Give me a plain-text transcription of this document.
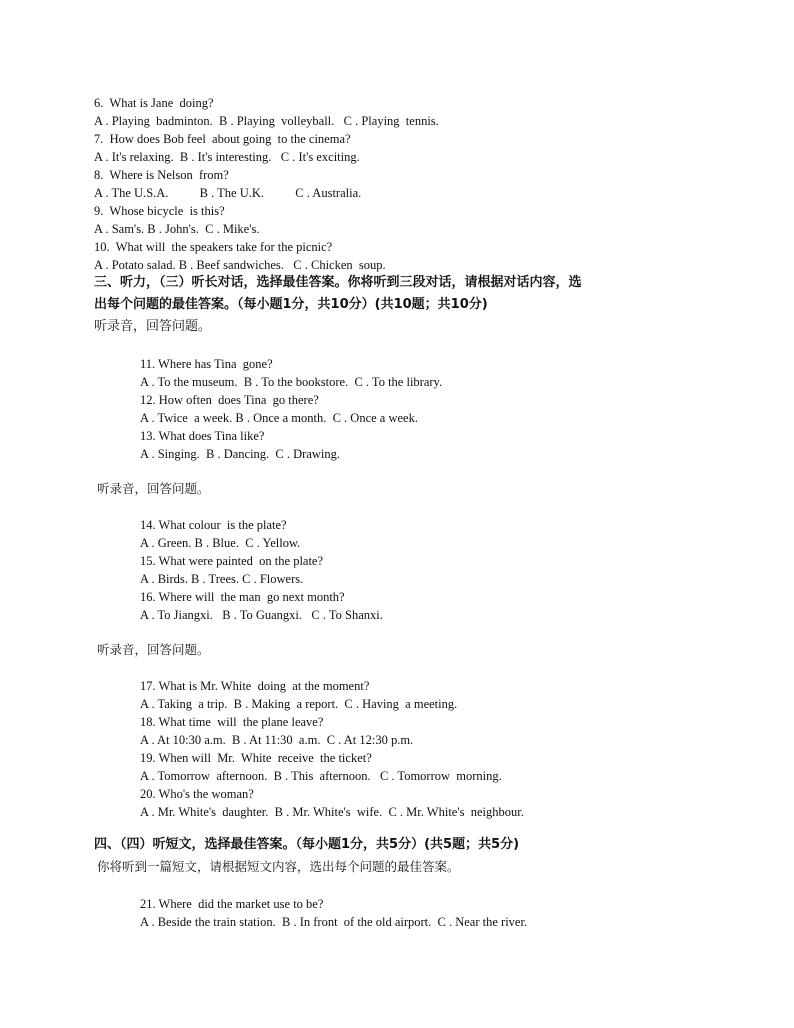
6.  What is Jane  doing?
A . Playing  badminton.  B . Playing  volleyball.   C . Playing  tennis.
7.  How does Bob feel  about going  to the cinema?
A . It's relaxing.  B . It's interesting.   C . It's exciting.
8.  Where is Nelson  from?
A . The U.S.A.          B . The U.K.          C . Australia.
9.  Whose bicycle  is this?
A . Sam's. B . John's.  C . Mike's.
10.  What will  the speakers take for the picnic?
A . Potato salad. B . Beef sandwiches.   C . Chicken  soup.
三、听力，（三）听长对话，选择最佳答案。你将听到三段对话，请根据对话内容，选
出每个问题的最佳答案。（每小题1分，共10分）(共10题；共10分)
听录音，回答问题。
11. Where has Tina  gone?
A . To the museum.  B . To the bookstore.  C . To the library.
12. How often  does Tina  go there?
A . Twice  a week. B . Once a month.  C . Once a week.
13. What does Tina like?
A . Singing.  B . Dancing.  C . Drawing.
听录音，回答问题。
14. What colour  is the plate?
A . Green. B . Blue.  C . Yellow.
15. What were painted  on the plate?
A . Birds. B . Trees. C . Flowers.
16. Where will  the man  go next month?
A . To Jiangxi.   B . To Guangxi.   C . To Shanxi.
听录音，回答问题。
17. What is Mr. White  doing  at the moment?
A . Taking  a trip.  B . Making  a report.  C . Having  a meeting.
18. What time  will  the plane leave?
A . At 10:30 a.m.  B . At 11:30  a.m.  C . At 12:30 p.m.
19. When will  Mr.  White  receive  the ticket?
A . Tomorrow  afternoon.  B . This  afternoon.   C . Tomorrow  morning.
20. Who's the woman?
A . Mr. White's  daughter.  B . Mr. White's  wife.  C . Mr. White's  neighbour.
四、（四）听短文，选择最佳答案。（每小题1分，共5分）(共5题；共5分)
你将听到一篇短文，请根据短文内容，选出每个问题的最佳答案。
21. Where  did the market use to be?
A . Beside the train station.  B . In front  of the old airport.  C . Near the river.
